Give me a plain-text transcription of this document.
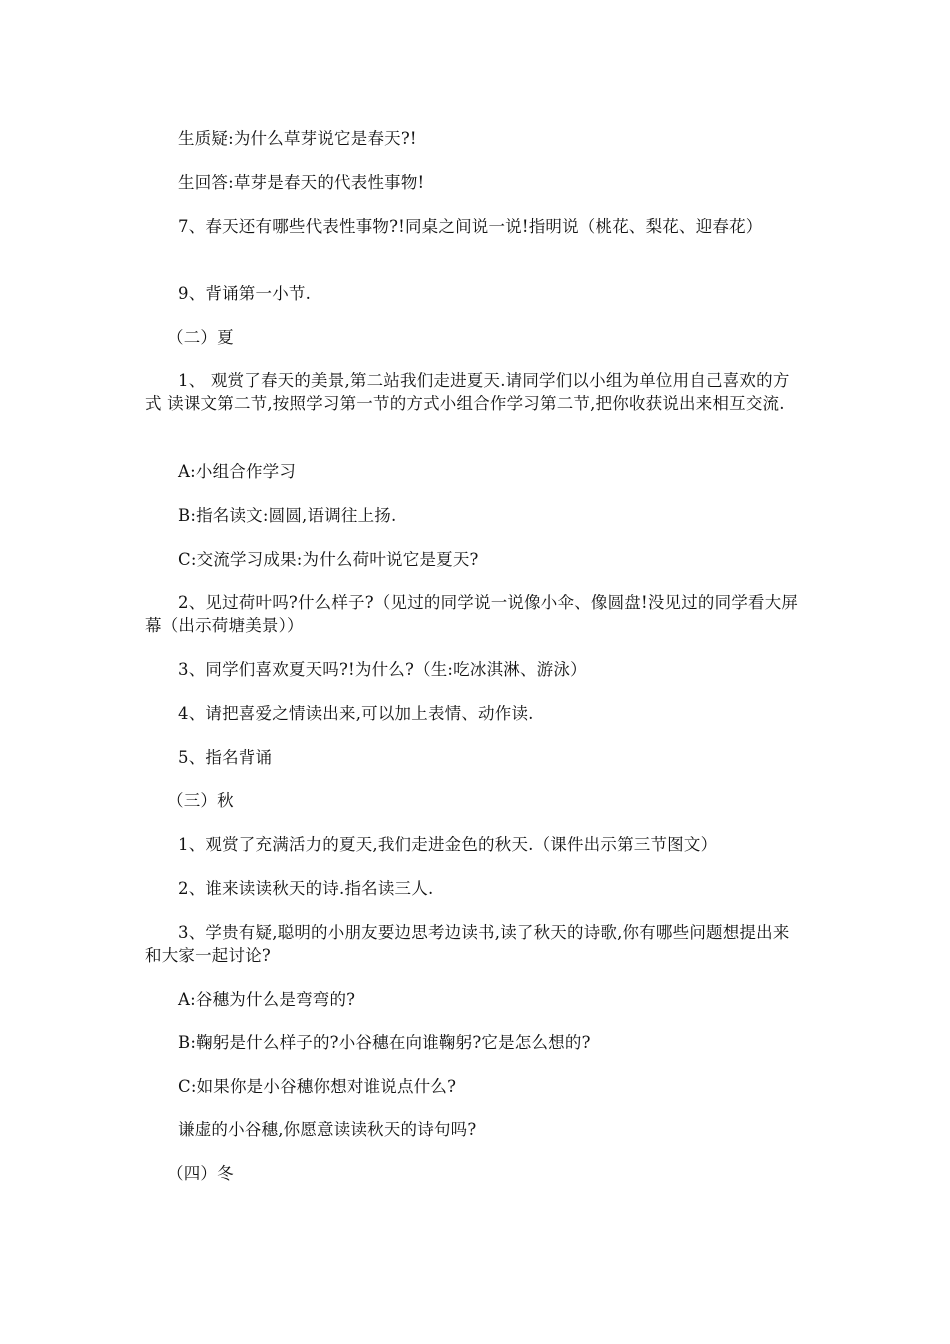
生质疑:为什么草芽说它是春天?!

生回答:草芽是春天的代表性事物!

7、春天还有哪些代表性事物?!同桌之间说一说!指明说（桃花、梨花、迎春花）

9、背诵第一小节.

（二）夏

1、 观赏了春天的美景,第二站我们走进夏天.请同学们以小组为单位用自己喜欢的方式 读课文第二节,按照学习第一节的方式小组合作学习第二节,把你收获说出来相互交流.

A:小组合作学习

B:指名读文:圆圆,语调往上扬.

C:交流学习成果:为什么荷叶说它是夏天?

2、见过荷叶吗?什么样子?（见过的同学说一说像小伞、像圆盘!没见过的同学看大屏幕（出示荷塘美景））

3、同学们喜欢夏天吗?!为什么?（生:吃冰淇淋、游泳）

4、请把喜爱之情读出来,可以加上表情、动作读.

5、指名背诵

（三）秋

1、观赏了充满活力的夏天,我们走进金色的秋天.（课件出示第三节图文）

2、谁来读读秋天的诗.指名读三人.

3、学贵有疑,聪明的小朋友要边思考边读书,读了秋天的诗歌,你有哪些问题想提出来和大家一起讨论?

A:谷穗为什么是弯弯的?

B:鞠躬是什么样子的?小谷穗在向谁鞠躬?它是怎么想的?

C:如果你是小谷穗你想对谁说点什么?

谦虚的小谷穗,你愿意读读秋天的诗句吗?

（四）冬
